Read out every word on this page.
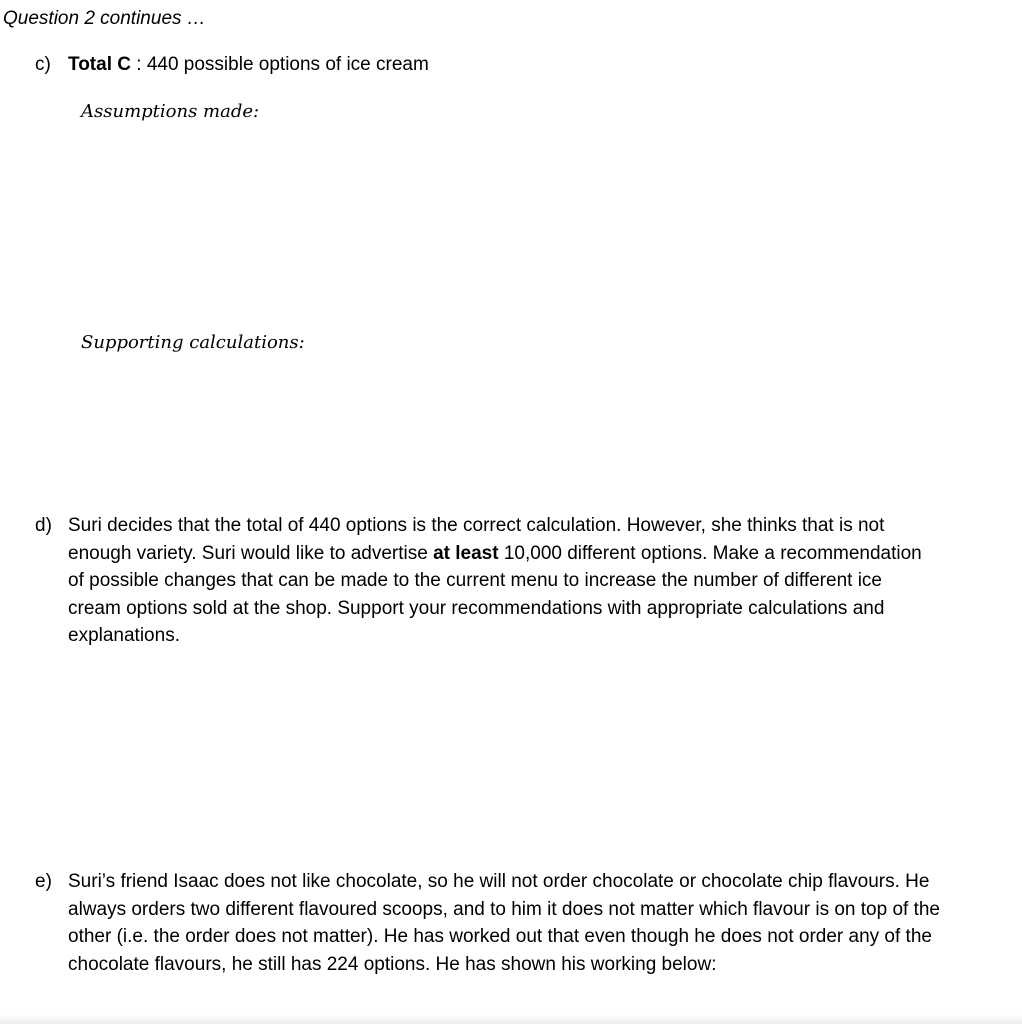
Question 2 continues …
c) Total C : 440 possible options of ice cream
Assumptions made:
Supporting calculations:
d) Suri decides that the total of 440 options is the correct calculation. However, she thinks that is not enough variety. Suri would like to advertise at least 10,000 different options. Make a recommendation of possible changes that can be made to the current menu to increase the number of different ice cream options sold at the shop. Support your recommendations with appropriate calculations and explanations.
e) Suri’s friend Isaac does not like chocolate, so he will not order chocolate or chocolate chip flavours. He always orders two different flavoured scoops, and to him it does not matter which flavour is on top of the other (i.e. the order does not matter). He has worked out that even though he does not order any of the chocolate flavours, he still has 224 options. He has shown his working below:
